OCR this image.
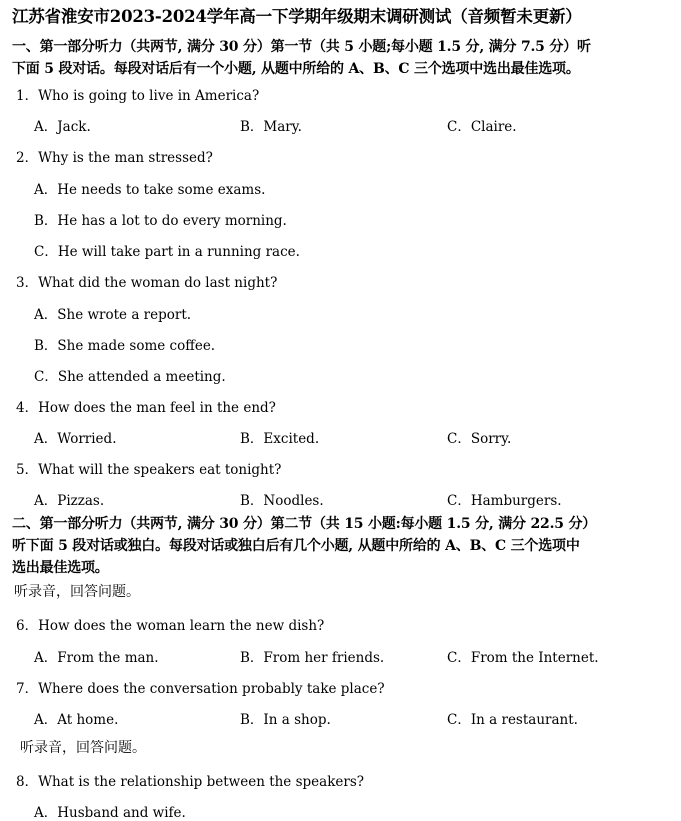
江苏省淮安市2023-2024学年高一下学期年级期末调研测试（音频暂未更新）
一、第一部分听力（共两节, 满分 30 分）第一节（共 5 小题;每小题 1.5 分, 满分 7.5 分）听
下面 5 段对话。每段对话后有一个小题, 从题中所给的 A、B、C 三个选项中选出最佳选项。
1．Who is going to live in America?
A．Jack.	B．Mary.	C．Claire.
2．Why is the man stressed?
A．He needs to take some exams.
B．He has a lot to do every morning.
C．He will take part in a running race.
3．What did the woman do last night?
A．She wrote a report.
B．She made some coffee.
C．She attended a meeting.
4．How does the man feel in the end?
A．Worried.	B．Excited.	C．Sorry.
5．What will the speakers eat tonight?
A．Pizzas.	B．Noodles.	C．Hamburgers.
二、第一部分听力（共两节, 满分 30 分）第二节（共 15 小题:每小题 1.5 分, 满分 22.5 分）
听下面 5 段对话或独白。每段对话或独白后有几个小题, 从题中所给的 A、B、C 三个选项中
选出最佳选项。
听录音，回答问题。
6．How does the woman learn the new dish?
A．From the man.	B．From her friends.	C．From the Internet.
7．Where does the conversation probably take place?
A．At home.	B．In a shop.	C．In a restaurant.
听录音，回答问题。
8．What is the relationship between the speakers?
A．Husband and wife.
